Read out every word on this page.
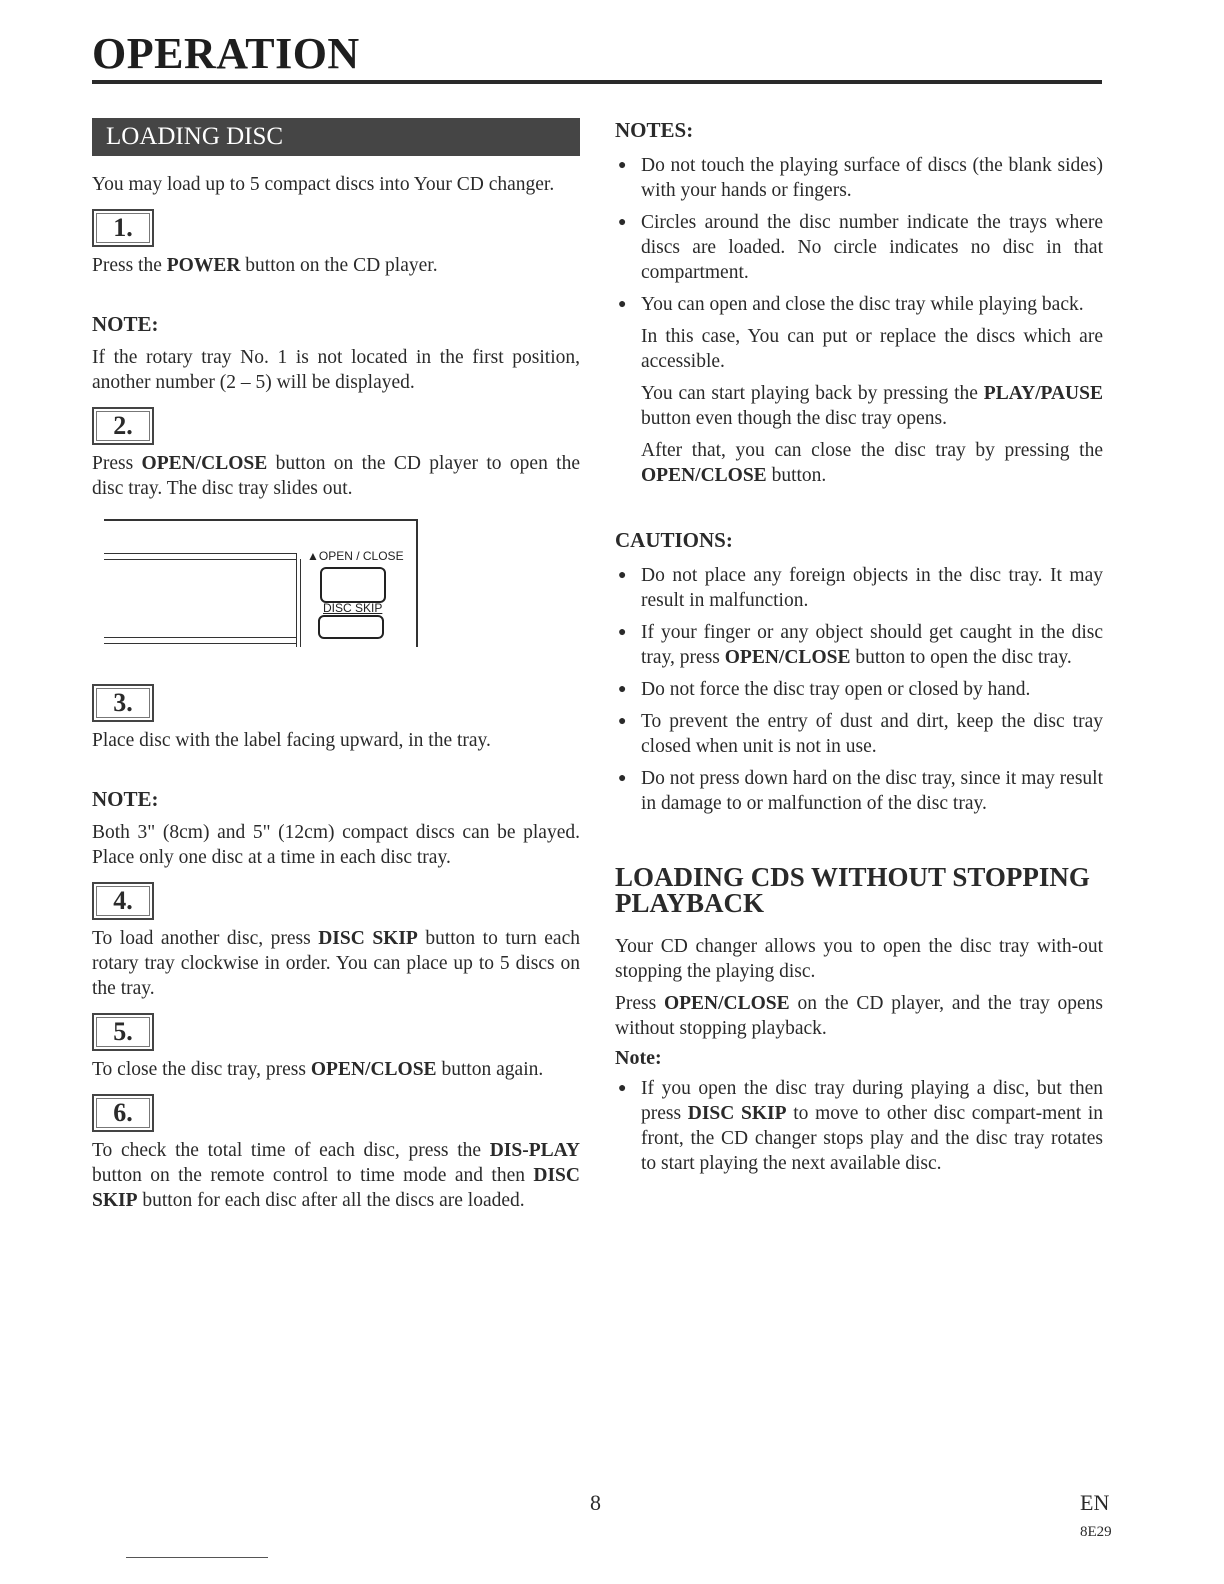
OPERATION
LOADING DISC

You may load up to 5 compact discs into Your CD changer.

1.

Press the POWER button on the CD player.

NOTE:

If the rotary tray No. 1 is not located in the first position, another number (2 – 5) will be displayed.

2.

Press OPEN/CLOSE button on the CD player to open the disc tray. The disc tray slides out.

▲OPEN / CLOSE
DISC SKIP
3.

Place disc with the label facing upward, in the tray.

NOTE:

Both 3" (8cm) and 5" (12cm) compact discs can be played. Place only one disc at a time in each disc tray.

4.

To load another disc, press DISC SKIP button to turn each rotary tray clockwise in order. You can place up to 5 discs on the tray.

5.

To close the disc tray, press OPEN/CLOSE button again.

6.

To check the total time of each disc, press the DIS-PLAY button on the remote control to time mode and then DISC SKIP button for each disc after all the discs are loaded.

NOTES:
● Do not touch the playing surface of discs (the blank sides) with your hands or fingers.
● Circles around the disc number indicate the trays where discs are loaded. No circle indicates no disc in that compartment.
● You can open and close the disc tray while playing back.

In this case, You can put or replace the discs which are accessible.

You can start playing back by pressing the PLAY/PAUSE button even though the disc tray opens.

After that, you can close the disc tray by pressing the OPEN/CLOSE button.

CAUTIONS:
● Do not place any foreign objects in the disc tray. It may result in malfunction.
● If your finger or any object should get caught in the disc tray, press OPEN/CLOSE button to open the disc tray.
● Do not force the disc tray open or closed by hand.
● To prevent the entry of dust and dirt, keep the disc tray closed when unit is not in use.
● Do not press down hard on the disc tray, since it may result in damage to or malfunction of the disc tray.
LOADING CDS WITHOUT STOPPING PLAYBACK

Your CD changer allows you to open the disc tray with-out stopping the playing disc.

Press OPEN/CLOSE on the CD player, and the tray opens without stopping playback.

Note:
● If you open the disc tray during playing a disc, but then press DISC SKIP to move to other disc compart-ment in front, the CD changer stops play and the disc tray rotates to start playing the next available disc.
8	EN
8E29
